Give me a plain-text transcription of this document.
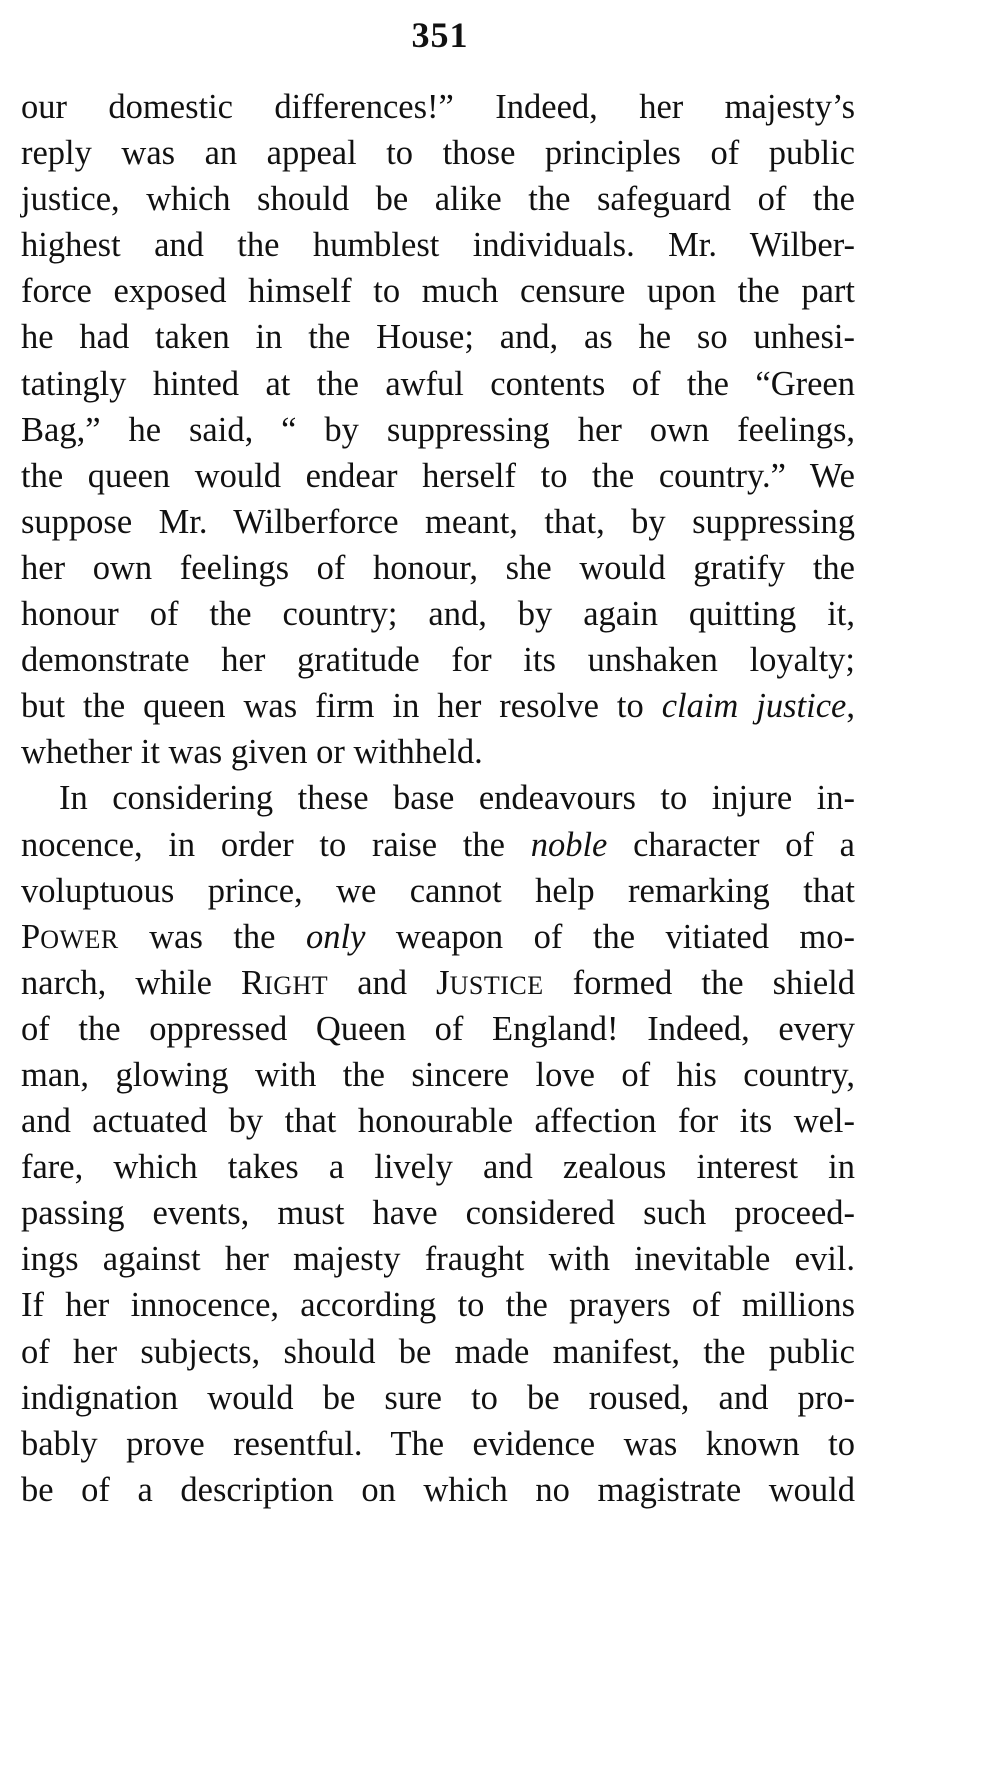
351
our domestic differences!” Indeed, her majesty’s
reply was an appeal to those principles of public
justice, which should be alike the safeguard of the
highest and the humblest individuals. Mr. Wilber-
force exposed himself to much censure upon the part
he had taken in the House; and, as he so unhesi-
tatingly hinted at the awful contents of the “Green
Bag,” he said, “ by suppressing her own feelings,
the queen would endear herself to the country.” We
suppose Mr. Wilberforce meant, that, by suppressing
her own feelings of honour, she would gratify the
honour of the country; and, by again quitting it,
demonstrate her gratitude for its unshaken loyalty;
but the queen was firm in her resolve to claim justice,
whether it was given or withheld.
In considering these base endeavours to injure in-
nocence, in order to raise the noble character of a
voluptuous prince, we cannot help remarking that
POWER was the only weapon of the vitiated mo-
narch, while RIGHT and JUSTICE formed the shield
of the oppressed Queen of England! Indeed, every
man, glowing with the sincere love of his country,
and actuated by that honourable affection for its wel-
fare, which takes a lively and zealous interest in
passing events, must have considered such proceed-
ings against her majesty fraught with inevitable evil.
If her innocence, according to the prayers of millions
of her subjects, should be made manifest, the public
indignation would be sure to be roused, and pro-
bably prove resentful. The evidence was known to
be of a description on which no magistrate would
